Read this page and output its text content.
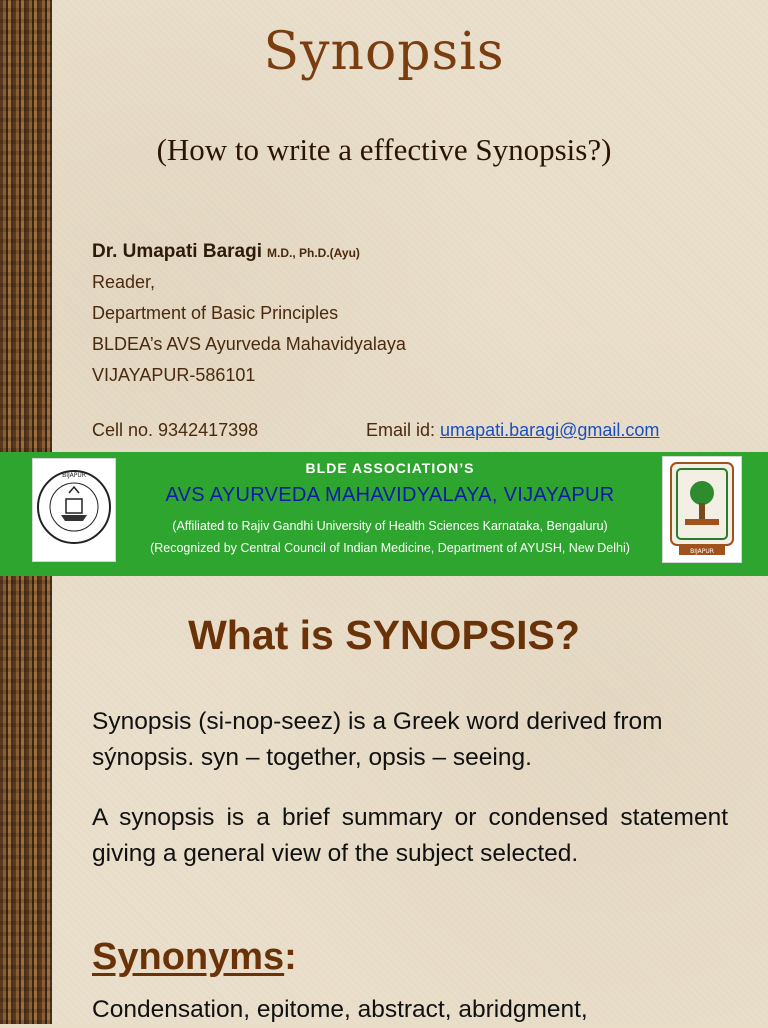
Synopsis
(How to write a effective Synopsis?)
Dr. Umapati Baragi M.D., Ph.D.(Ayu)
Reader,
Department of Basic Principles
BLDEA’s AVS Ayurveda Mahavidyalaya
VIJAYAPUR-586101
Cell no. 9342417398	Email id: umapati.baragi@gmail.com
BIJAPUR	BLDE ASSOCIATION’S
AVS AYURVEDA MAHAVIDYALAYA, VIJAYAPUR
(Affiliated to Rajiv Gandhi University of Health Sciences Karnataka, Bengaluru)
(Recognized by Central Council of Indian Medicine, Department of AYUSH, New Delhi)	BIJAPUR
What is SYNOPSIS?
Synopsis (si-nop-seez) is a Greek word derived from sýnopsis. syn – together, opsis – seeing.
A synopsis is a brief summary or condensed statement giving a general view of the subject selected.
Synonyms:
Condensation, epitome, abstract, abridgment,
